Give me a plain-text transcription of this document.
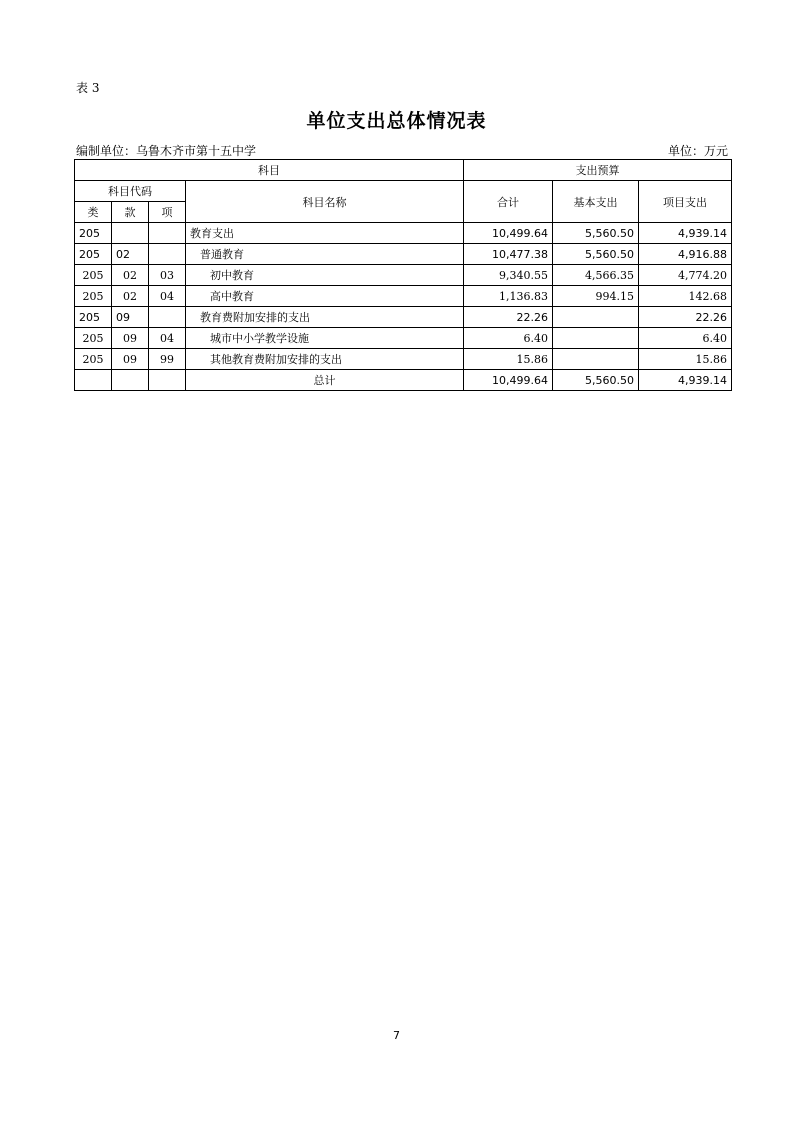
表 3
单位支出总体情况表
编制单位：乌鲁木齐市第十五中学	单位：万元
科目				支出预算		
科目代码			科目名称	合计	基本支出	项目支出
类	款	项				
205			教育支出	10,499.64	5,560.50	4,939.14
205	02		普通教育	10,477.38	5,560.50	4,916.88
205	02	03	初中教育	9,340.55	4,566.35	4,774.20
205	02	04	高中教育	1,136.83	994.15	142.68
205	09		教育费附加安排的支出	22.26		22.26
205	09	04	城市中小学教学设施	6.40		6.40
205	09	99	其他教育费附加安排的支出	15.86		15.86
			总计	10,499.64	5,560.50	4,939.14
7
